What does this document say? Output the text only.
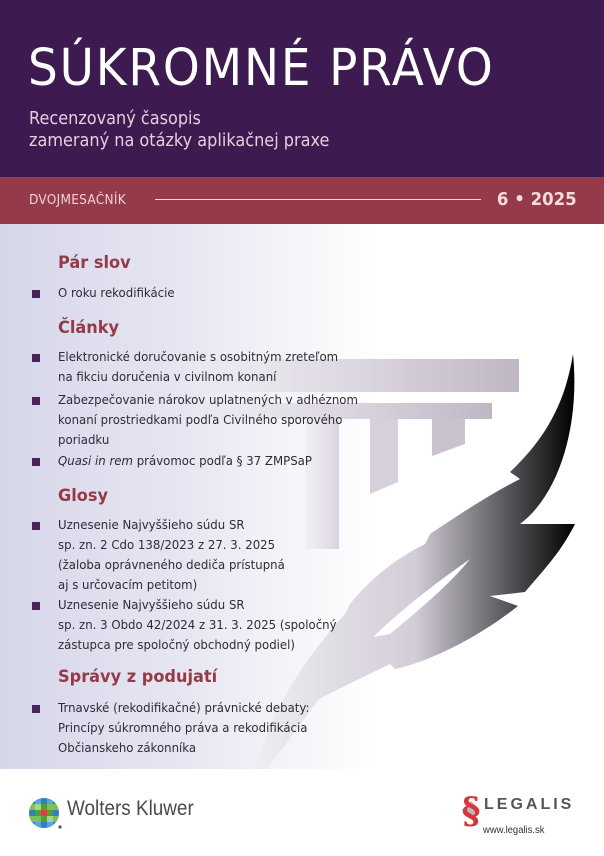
SÚKROMNÉ PRÁVO
Recenzovaný časopis
zameraný na otázky aplikačnej praxe
DVOJMESAČNÍK	6 • 2025
Pár slov
O roku rekodifikácie
Články
Elektronické doručovanie s osobitným zreteľom
na fikciu doručenia v civilnom konaní
Zabezpečovanie nárokov uplatnených v adhéznom
konaní prostriedkami podľa Civilného sporového
poriadku
Quasi in rem právomoc podľa § 37 ZMPSaP
Glosy
Uznesenie Najvyššieho súdu SR
sp. zn. 2 Cdo 138/2023 z 27. 3. 2025
(žaloba oprávneného dediča prístupná
aj s určovacím petitom)
Uznesenie Najvyššieho súdu SR
sp. zn. 3 Obdo 42/2024 z 31. 3. 2025 (spoločný
zástupca pre spoločný obchodný podiel)
Správy z podujatí
Trnavské (rekodifikačné) právnické debaty:
Princípy súkromného práva a rekodifikácia
Občianskeho zákonníka
Wolters Kluwer	§ LEGALIS
www.legalis.sk
